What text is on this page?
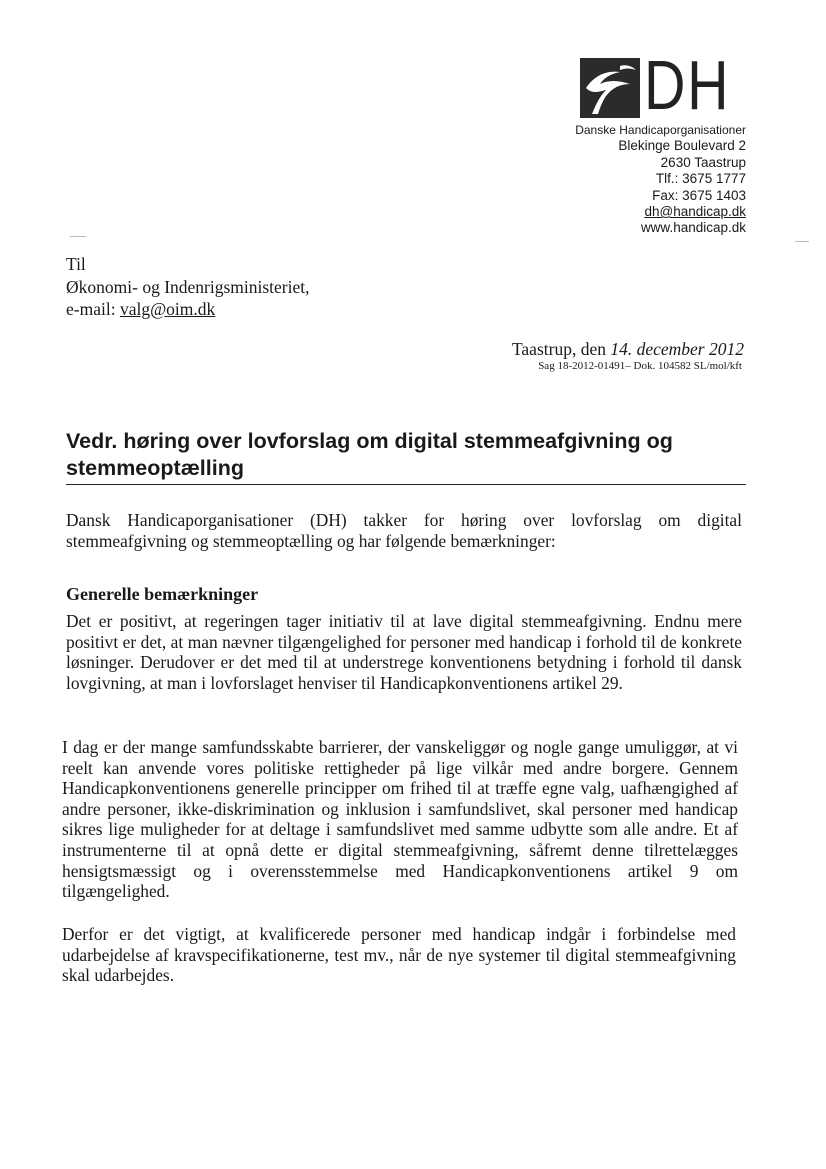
DH
Danske Handicaporganisationer
Blekinge Boulevard 2
2630 Taastrup
Tlf.: 3675 1777
Fax: 3675 1403
dh@handicap.dk
www.handicap.dk
Til
Økonomi- og Indenrigsministeriet,
e-mail: valg@oim.dk
Taastrup, den 14. december 2012
Sag 18-2012-01491– Dok. 104582 SL/mol/kft
Vedr. høring over lovforslag om digital stemmeafgivning og stemmeoptælling

Dansk Handicaporganisationer (DH) takker for høring over lovforslag om digital stemmeafgivning og stemmeoptælling og har følgende bemærkninger:

Generelle bemærkninger

Det er positivt, at regeringen tager initiativ til at lave digital stemmeafgivning. Endnu mere positivt er det, at man nævner tilgængelighed for personer med handicap i forhold til de konkrete løsninger. Derudover er det med til at understrege konventionens betydning i forhold til dansk lovgivning, at man i lovforslaget henviser til Handicapkonventionens artikel 29.

I dag er der mange samfundsskabte barrierer, der vanskeliggør og nogle gange umuliggør, at vi reelt kan anvende vores politiske rettigheder på lige vilkår med andre borgere. Gennem Handicapkonventionens generelle principper om frihed til at træffe egne valg, uafhængighed af andre personer, ikke-diskrimination og inklusion i samfundslivet, skal personer med handicap sikres lige muligheder for at deltage i samfundslivet med samme udbytte som alle andre. Et af instrumenterne til at opnå dette er digital stemmeafgivning, såfremt denne tilrettelægges hensigtsmæssigt og i overensstemmelse med Handicapkonventionens artikel 9 om tilgængelighed.

Derfor er det vigtigt, at kvalificerede personer med handicap indgår i forbindelse med udarbejdelse af kravspecifikationerne, test mv., når de nye systemer til digital stemmeafgivning skal udarbejdes.
